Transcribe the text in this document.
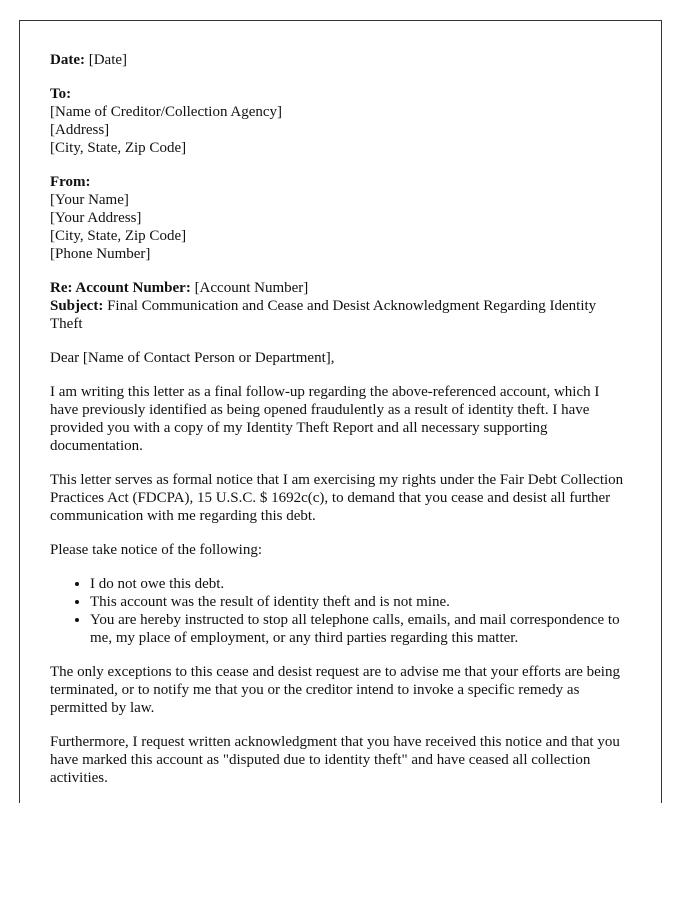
Date: [Date]

To:
[Name of Creditor/Collection Agency]
[Address]
[City, State, Zip Code]

From:
[Your Name]
[Your Address]
[City, State, Zip Code]
[Phone Number]

Re: Account Number: [Account Number]
Subject: Final Communication and Cease and Desist Acknowledgment Regarding Identity Theft

Dear [Name of Contact Person or Department],

I am writing this letter as a final follow-up regarding the above-referenced account, which I have previously identified as being opened fraudulently as a result of identity theft. I have provided you with a copy of my Identity Theft Report and all necessary supporting documentation.

This letter serves as formal notice that I am exercising my rights under the Fair Debt Collection Practices Act (FDCPA), 15 U.S.C. $ 1692c(c), to demand that you cease and desist all further communication with me regarding this debt.

Please take notice of the following:

• I do not owe this debt.
• This account was the result of identity theft and is not mine.
• You are hereby instructed to stop all telephone calls, emails, and mail correspondence to me, my place of employment, or any third parties regarding this matter.

The only exceptions to this cease and desist request are to advise me that your efforts are being terminated, or to notify me that you or the creditor intend to invoke a specific remedy as permitted by law.

Furthermore, I request written acknowledgment that you have received this notice and that you have marked this account as "disputed due to identity theft" and have ceased all collection activities.
